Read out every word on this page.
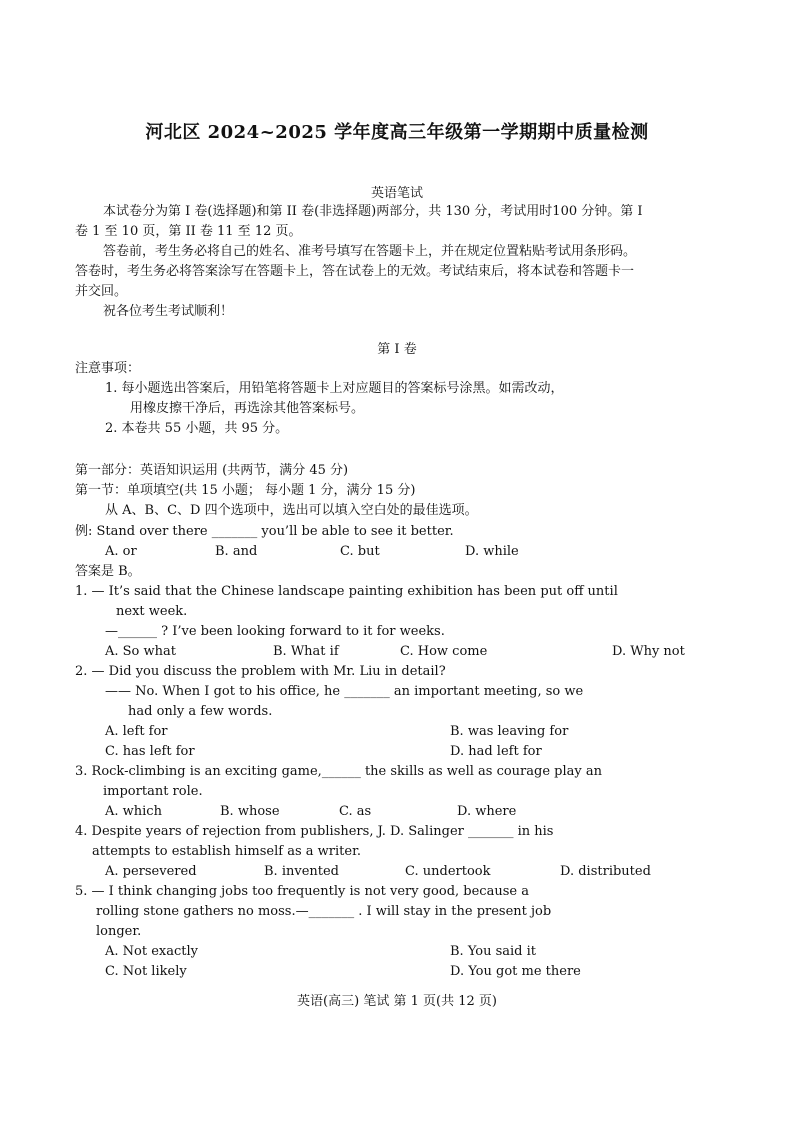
河北区 2024~2025 学年度高三年级第一学期期中质量检测
英语笔试
本试卷分为第 I 卷(选择题)和第 II 卷(非选择题)两部分，共 130 分，考试用时100 分钟。第 I 卷 1 至 10 页，第 II 卷 11 至 12 页。
答卷前，考生务必将自己的姓名、准考号填写在答题卡上，并在规定位置粘贴考试用条形码。答卷时，考生务必将答案涂写在答题卡上，答在试卷上的无效。考试结束后，将本试卷和答题卡一并交回。
祝各位考生考试顺利！
第 I 卷
注意事项：
1. 每小题选出答案后，用铅笔将答题卡上对应题目的答案标号涂黑。如需改动，
用橡皮擦干净后，再选涂其他答案标号。
2. 本卷共 55 小题，共 95 分。
第一部分：英语知识运用 (共两节，满分 45 分)
第一节：单项填空(共 15 小题； 每小题 1 分，满分 15 分)
从 A、B、C、D 四个选项中，选出可以填入空白处的最佳选项。
例: Stand over there _______ you’ll be able to see it better.
A. or	B. and	C. but	D. while
答案是 B。
1. — It’s said that the Chinese landscape painting exhibition has been put off until
next week.
—______ ? I’ve been looking forward to it for weeks.
A. So what	B. What if	C. How come	D. Why not
2. — Did you discuss the problem with Mr. Liu in detail?
—— No. When I got to his office, he _______ an important meeting, so we
had only a few words.
A. left for	B. was leaving for
C. has left for	D. had left for
3. Rock-climbing is an exciting game,______ the skills as well as courage play an
important role.
A. which	B. whose	C. as	D. where
4. Despite years of rejection from publishers, J. D. Salinger _______ in his
attempts to establish himself as a writer.
A. persevered	B. invented	C. undertook	D. distributed
5. — I think changing jobs too frequently is not very good, because a
rolling stone gathers no moss.—_______ . I will stay in the present job
longer.
A. Not exactly	B. You said it
C. Not likely	D. You got me there
英语(高三) 笔试 第 1 页(共 12 页)
